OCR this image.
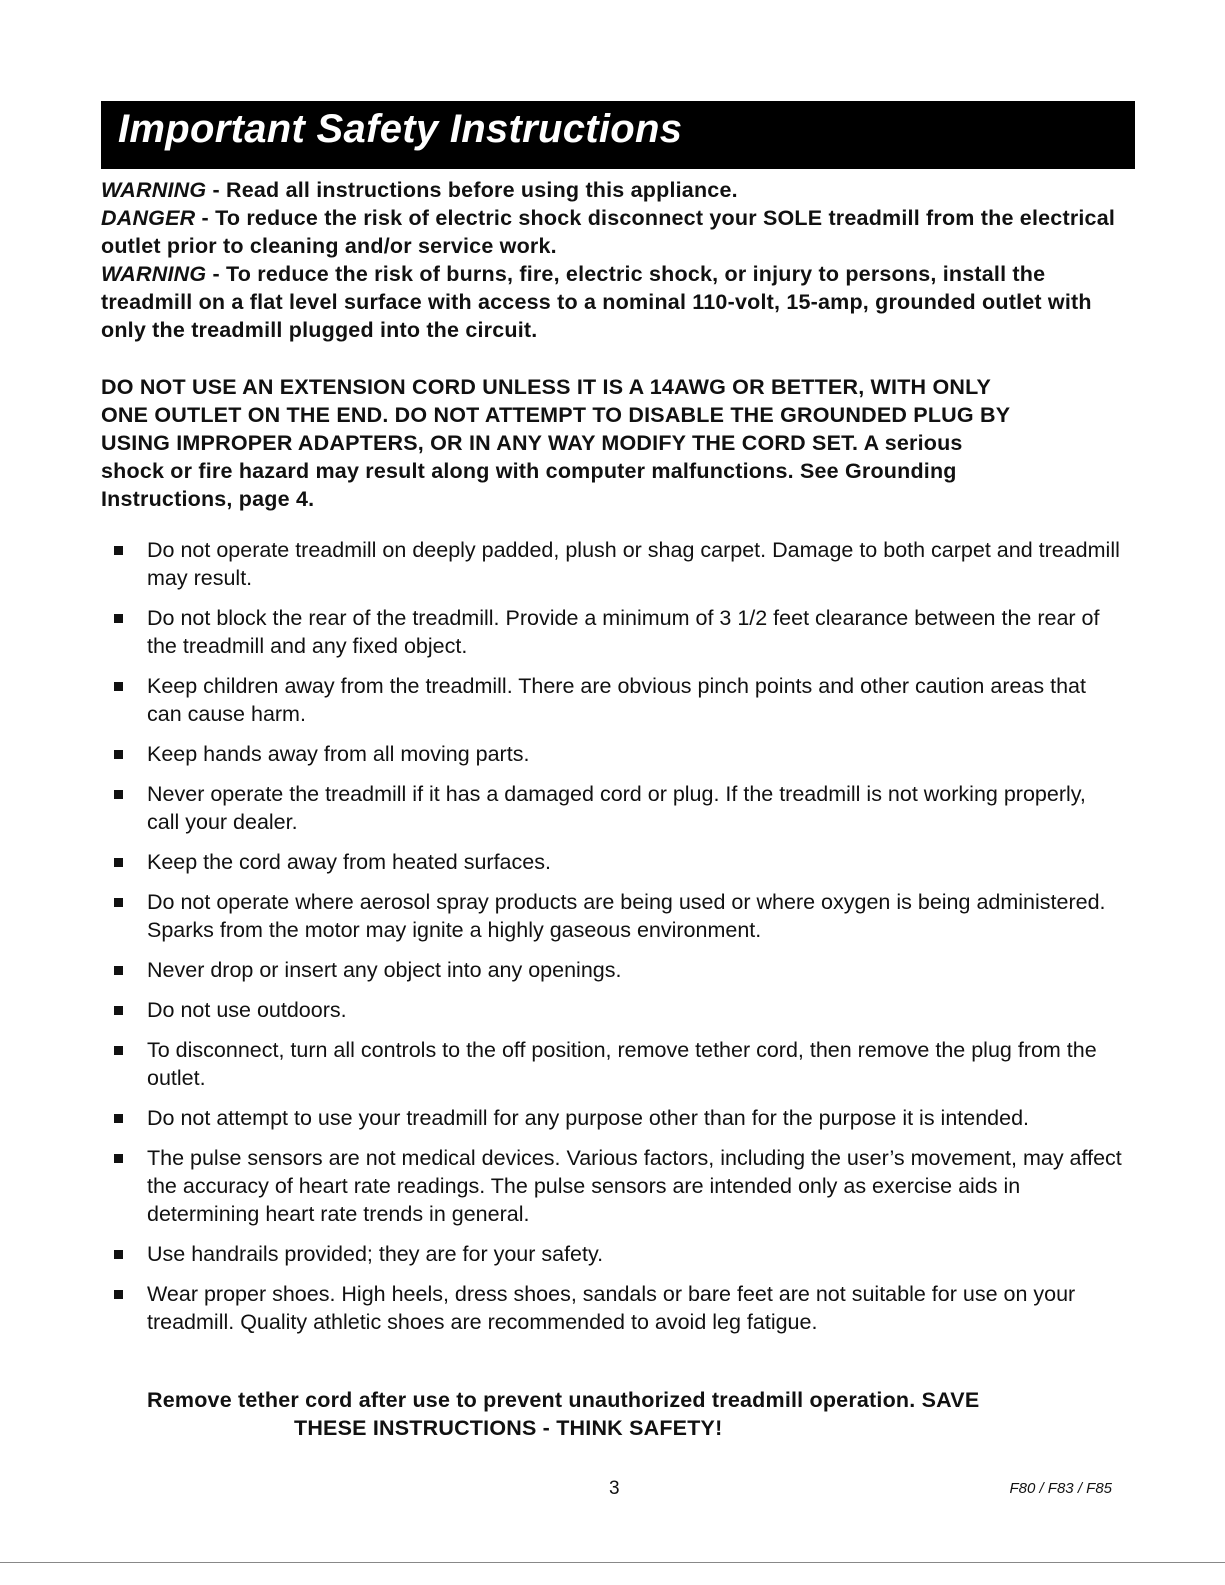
Important Safety Instructions

WARNING - Read all instructions before using this appliance.

DANGER - To reduce the risk of electric shock disconnect your SOLE treadmill from the electrical outlet prior to cleaning and/or service work.

WARNING - To reduce the risk of burns, fire, electric shock, or injury to persons, install the treadmill on a flat level surface with access to a nominal 110-volt, 15-amp, grounded outlet with only the treadmill plugged into the circuit.

DO NOT USE AN EXTENSION CORD UNLESS IT IS A 14AWG OR BETTER, WITH ONLY
ONE OUTLET ON THE END. DO NOT ATTEMPT TO DISABLE THE GROUNDED PLUG BY
USING IMPROPER ADAPTERS, OR IN ANY WAY MODIFY THE CORD SET. A serious
shock or fire hazard may result along with computer malfunctions. See Grounding
Instructions, page 4.
Do not operate treadmill on deeply padded, plush or shag carpet. Damage to both carpet and treadmill may result.
Do not block the rear of the treadmill. Provide a minimum of 3 1/2 feet clearance between the rear of the treadmill and any fixed object.
Keep children away from the treadmill. There are obvious pinch points and other caution areas that can cause harm.
Keep hands away from all moving parts.
Never operate the treadmill if it has a damaged cord or plug. If the treadmill is not working properly, call your dealer.
Keep the cord away from heated surfaces.
Do not operate where aerosol spray products are being used or where oxygen is being administered. Sparks from the motor may ignite a highly gaseous environment.
Never drop or insert any object into any openings.
Do not use outdoors.
To disconnect, turn all controls to the off position, remove tether cord, then remove the plug from the outlet.
Do not attempt to use your treadmill for any purpose other than for the purpose it is intended.
The pulse sensors are not medical devices. Various factors, including the user’s movement, may affect the accuracy of heart rate readings. The pulse sensors are intended only as exercise aids in determining heart rate trends in general.
Use handrails provided; they are for your safety.
Wear proper shoes. High heels, dress shoes, sandals or bare feet are not suitable for use on your treadmill. Quality athletic shoes are recommended to avoid leg fatigue.
Remove tether cord after use to prevent unauthorized treadmill operation. SAVE
THESE INSTRUCTIONS - THINK SAFETY!
3	F80 / F83 / F85
